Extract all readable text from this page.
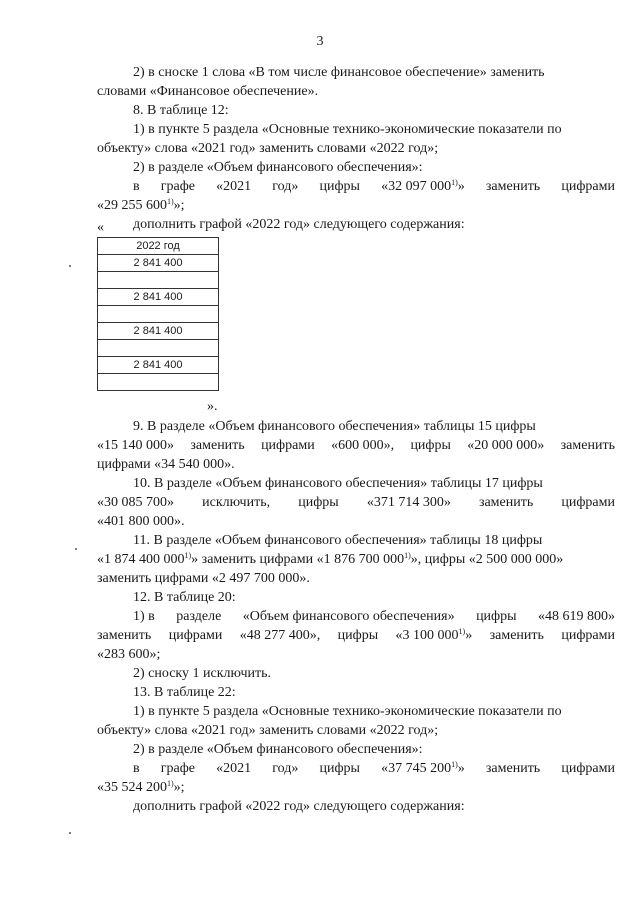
3
2) в сноске 1 слова «В том числе финансовое обеспечение» заменить
словами «Финансовое обеспечение».
8. В таблице 12:
1) в пункте 5 раздела «Основные технико-экономические показатели по
объекту» слова «2021 год» заменить словами «2022 год»;
2) в разделе «Объем финансового обеспечения»:
в графе «2021 год» цифры «32 097 000$^{1)}$» заменить цифрами
«29 255 600$^{1)}$»;
дополнить графой «2022 год» следующего содержания:
«
2022 год
2 841 400

2 841 400

2 841 400

2 841 400

».
9. В разделе «Объем финансового обеспечения» таблицы 15 цифры
«15 140 000» заменить цифрами «600 000», цифры «20 000 000» заменить
цифрами «34 540 000».
10. В разделе «Объем финансового обеспечения» таблицы 17 цифры
«30 085 700» исключить, цифры «371 714 300» заменить цифрами
«401 800 000».
11. В разделе «Объем финансового обеспечения» таблицы 18 цифры
«1 874 400 000$^{1)}$» заменить цифрами «1 876 700 000$^{1)}$», цифры «2 500 000 000»
заменить цифрами «2 497 700 000».
12. В таблице 20:
1) в разделе «Объем финансового обеспечения» цифры «48 619 800»
заменить цифрами «48 277 400», цифры «3 100 000$^{1)}$» заменить цифрами
«283 600»;
2) сноску 1 исключить.
13. В таблице 22:
1) в пункте 5 раздела «Основные технико-экономические показатели по
объекту» слова «2021 год» заменить словами «2022 год»;
2) в разделе «Объем финансового обеспечения»:
в графе «2021 год» цифры «37 745 200$^{1)}$» заменить цифрами
«35 524 200$^{1)}$»;
дополнить графой «2022 год» следующего содержания:
